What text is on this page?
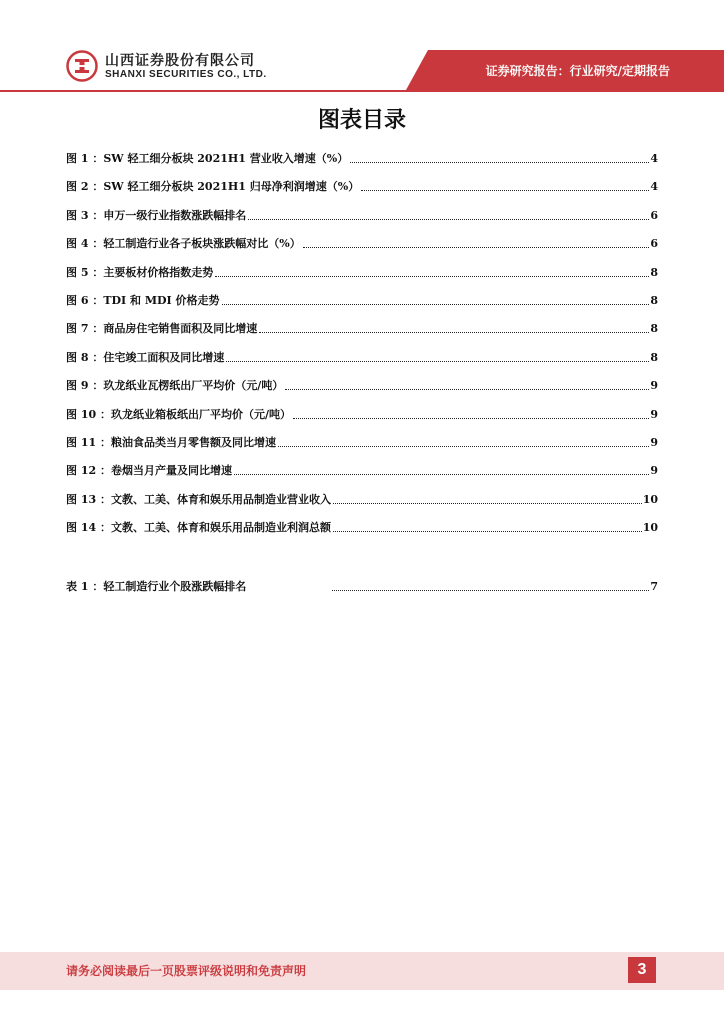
山西证券股份有限公司
SHANXI SECURITIES CO., LTD.	证券研究报告：行业研究/定期报告
图表目录
图 1 ：SW 轻工细分板块 2021H1 营业收入增速（%）	4
图 2 ：SW 轻工细分板块 2021H1 归母净利润增速（%）	4
图 3 ：申万一级行业指数涨跌幅排名	6
图 4 ：轻工制造行业各子板块涨跌幅对比（%）	6
图 5 ：主要板材价格指数走势	8
图 6 ：TDI 和 MDI 价格走势	8
图 7 ：商品房住宅销售面积及同比增速	8
图 8 ：住宅竣工面积及同比增速	8
图 9 ：玖龙纸业瓦楞纸出厂平均价（元/吨）	9
图 10 ：玖龙纸业箱板纸出厂平均价（元/吨）	9
图 11 ：粮油食品类当月零售额及同比增速	9
图 12 ：卷烟当月产量及同比增速	9
图 13 ：文教、工美、体育和娱乐用品制造业营业收入	10
图 14 ：文教、工美、体育和娱乐用品制造业利润总额	10
表 1 ：轻工制造行业个股涨跌幅排名	7
请务必阅读最后一页股票评级说明和免责声明	3
